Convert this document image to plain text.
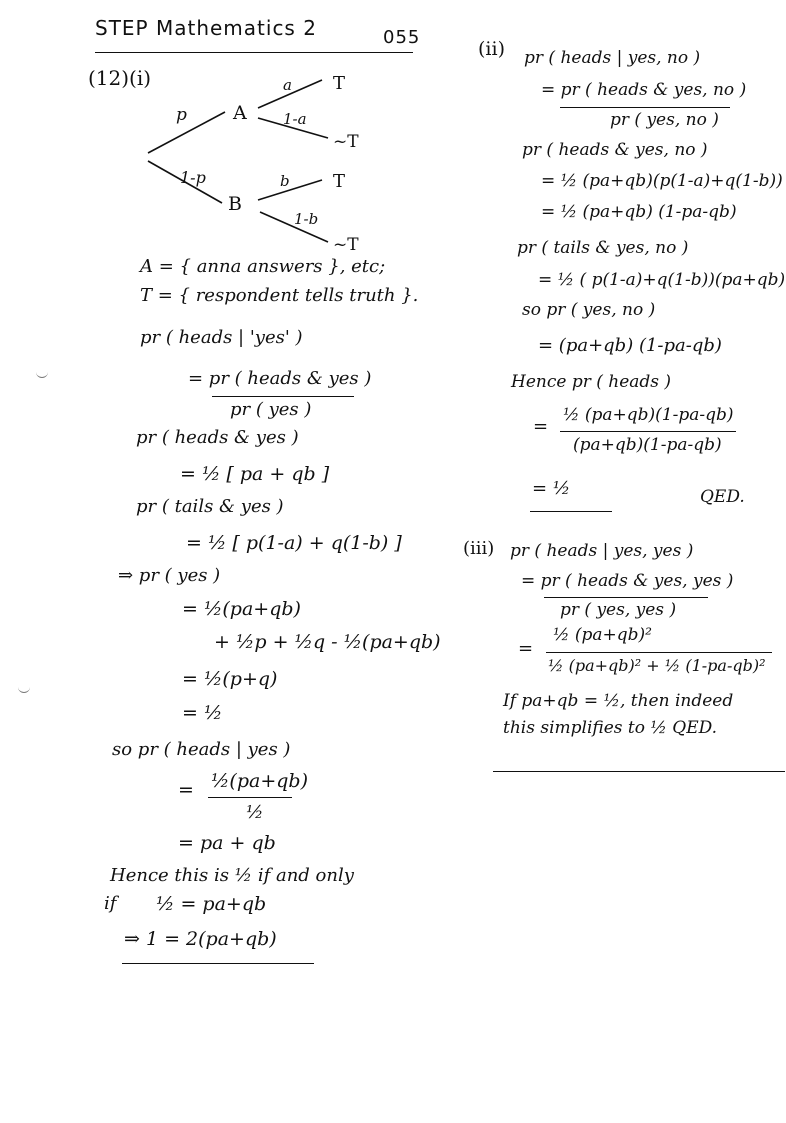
STEP Mathematics 2	055
(12)(i)
p A
a
1-a
T
~T
1-p
B
b
1-b
T
~T
A = { anna answers }, etc;
T = { respondent tells truth }.
pr ( heads | 'yes' )
= pr ( heads & yes )
pr ( yes )
pr ( heads & yes )
= ½ [ pa + qb ]
pr ( tails & yes )
= ½ [ p(1-a) + q(1-b) ]
⇒ pr ( yes )
= ½(pa+qb)
+ ½p + ½q - ½(pa+qb)
= ½(p+q)
= ½
so pr ( heads | yes )
= ½(pa+qb)
½
= pa + qb
Hence this is ½ if and only
if ½ = pa+qb
⇒ 1 = 2(pa+qb)
(ii) pr ( heads | yes, no )
= pr ( heads & yes, no )
pr ( yes, no )
pr ( heads & yes, no )
= ½ (pa+qb)(p(1-a)+q(1-b))
= ½ (pa+qb) (1-pa-qb)
pr ( tails & yes, no )
= ½ ( p(1-a)+q(1-b))(pa+qb)
so pr ( yes, no )
= (pa+qb) (1-pa-qb)
Hence pr ( heads )
=
½ (pa+qb)(1-pa-qb)
(pa+qb)(1-pa-qb)
= ½	QED.
(iii) pr ( heads | yes, yes )
= pr ( heads & yes, yes )
pr ( yes, yes )
=
½ (pa+qb)²
½ (pa+qb)² + ½ (1-pa-qb)²
If pa+qb = ½, then indeed
this simplifies to ½ QED.
